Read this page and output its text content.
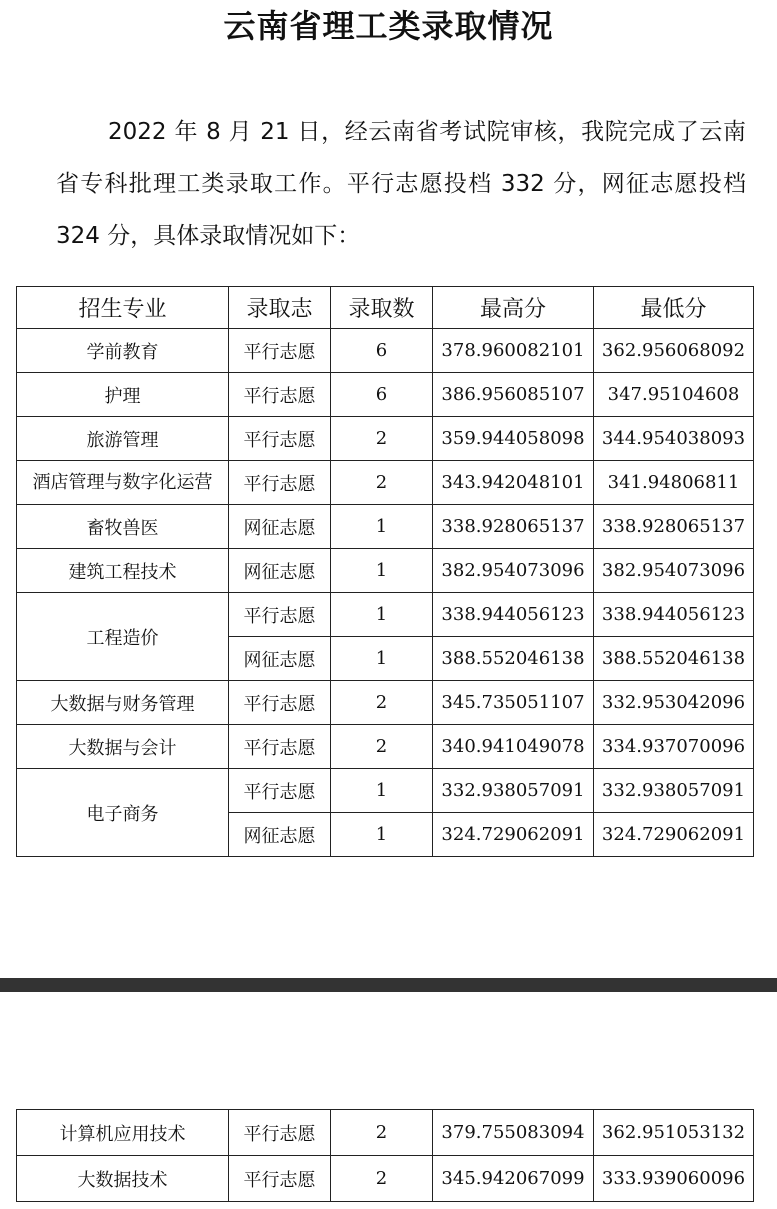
云南省理工类录取情况

2022 年 8 月 21 日，经云南省考试院审核，我院完成了云南省专科批理工类录取工作。平行志愿投档 332 分，网征志愿投档 324 分，具体录取情况如下：

招生专业	录取志	录取数	最高分	最低分
学前教育	平行志愿	6	378.960082101	362.956068092
护理	平行志愿	6	386.956085107	347.95104608
旅游管理	平行志愿	2	359.944058098	344.954038093
酒店管理与数字化运营	平行志愿	2	343.942048101	341.94806811
畜牧兽医	网征志愿	1	338.928065137	338.928065137
建筑工程技术	网征志愿	1	382.954073096	382.954073096
工程造价	平行志愿	1	338.944056123	338.944056123
	网征志愿	1	388.552046138	388.552046138
大数据与财务管理	平行志愿	2	345.735051107	332.953042096
大数据与会计	平行志愿	2	340.941049078	334.937070096
电子商务	平行志愿	1	332.938057091	332.938057091
	网征志愿	1	324.729062091	324.729062091
计算机应用技术	平行志愿	2	379.755083094	362.951053132
大数据技术	平行志愿	2	345.942067099	333.939060096
